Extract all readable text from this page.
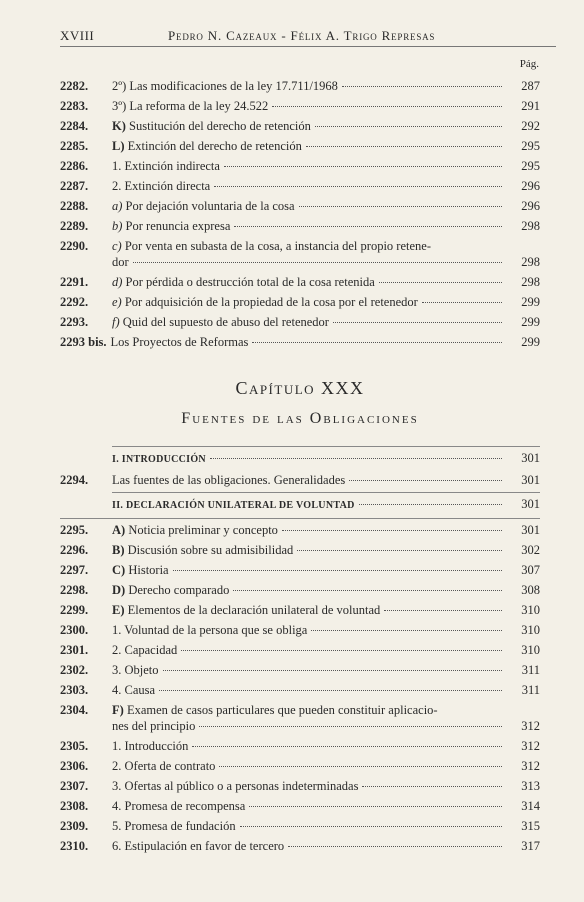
XVIII	Pedro N. Cazeaux - Félix A. Trigo Represas
Pág.
2282.	2º) Las modificaciones de la ley 17.711/1968	287
2283.	3º) La reforma de la ley 24.522	291
2284.	K) Sustitución del derecho de retención	292
2285.	L) Extinción del derecho de retención	295
2286.	1. Extinción indirecta	295
2287.	2. Extinción directa	296
2288.	a) Por dejación voluntaria de la cosa	296
2289.	b) Por renuncia expresa	298
2290.	c) Por venta en subasta de la cosa, a instancia del propio retene-
dor	298
2291.	d) Por pérdida o destrucción total de la cosa retenida	298
2292.	e) Por adquisición de la propiedad de la cosa por el retenedor	299
2293.	f) Quid del supuesto de abuso del retenedor	299
2293 bis. Los Proyectos de Reformas	299
Capítulo XXX
Fuentes de las Obligaciones
I. INTRODUCCIÓN	301
2294.	Las fuentes de las obligaciones. Generalidades	301
II. DECLARACIÓN UNILATERAL DE VOLUNTAD	301
2295.	A) Noticia preliminar y concepto	301
2296.	B) Discusión sobre su admisibilidad	302
2297.	C) Historia	307
2298.	D) Derecho comparado	308
2299.	E) Elementos de la declaración unilateral de voluntad	310
2300.	1. Voluntad de la persona que se obliga	310
2301.	2. Capacidad	310
2302.	3. Objeto	311
2303.	4. Causa	311
2304.	F) Examen de casos particulares que pueden constituir aplicacio-
nes del principio	312
2305.	1. Introducción	312
2306.	2. Oferta de contrato	312
2307.	3. Ofertas al público o a personas indeterminadas	313
2308.	4. Promesa de recompensa	314
2309.	5. Promesa de fundación	315
2310.	6. Estipulación en favor de tercero	317
